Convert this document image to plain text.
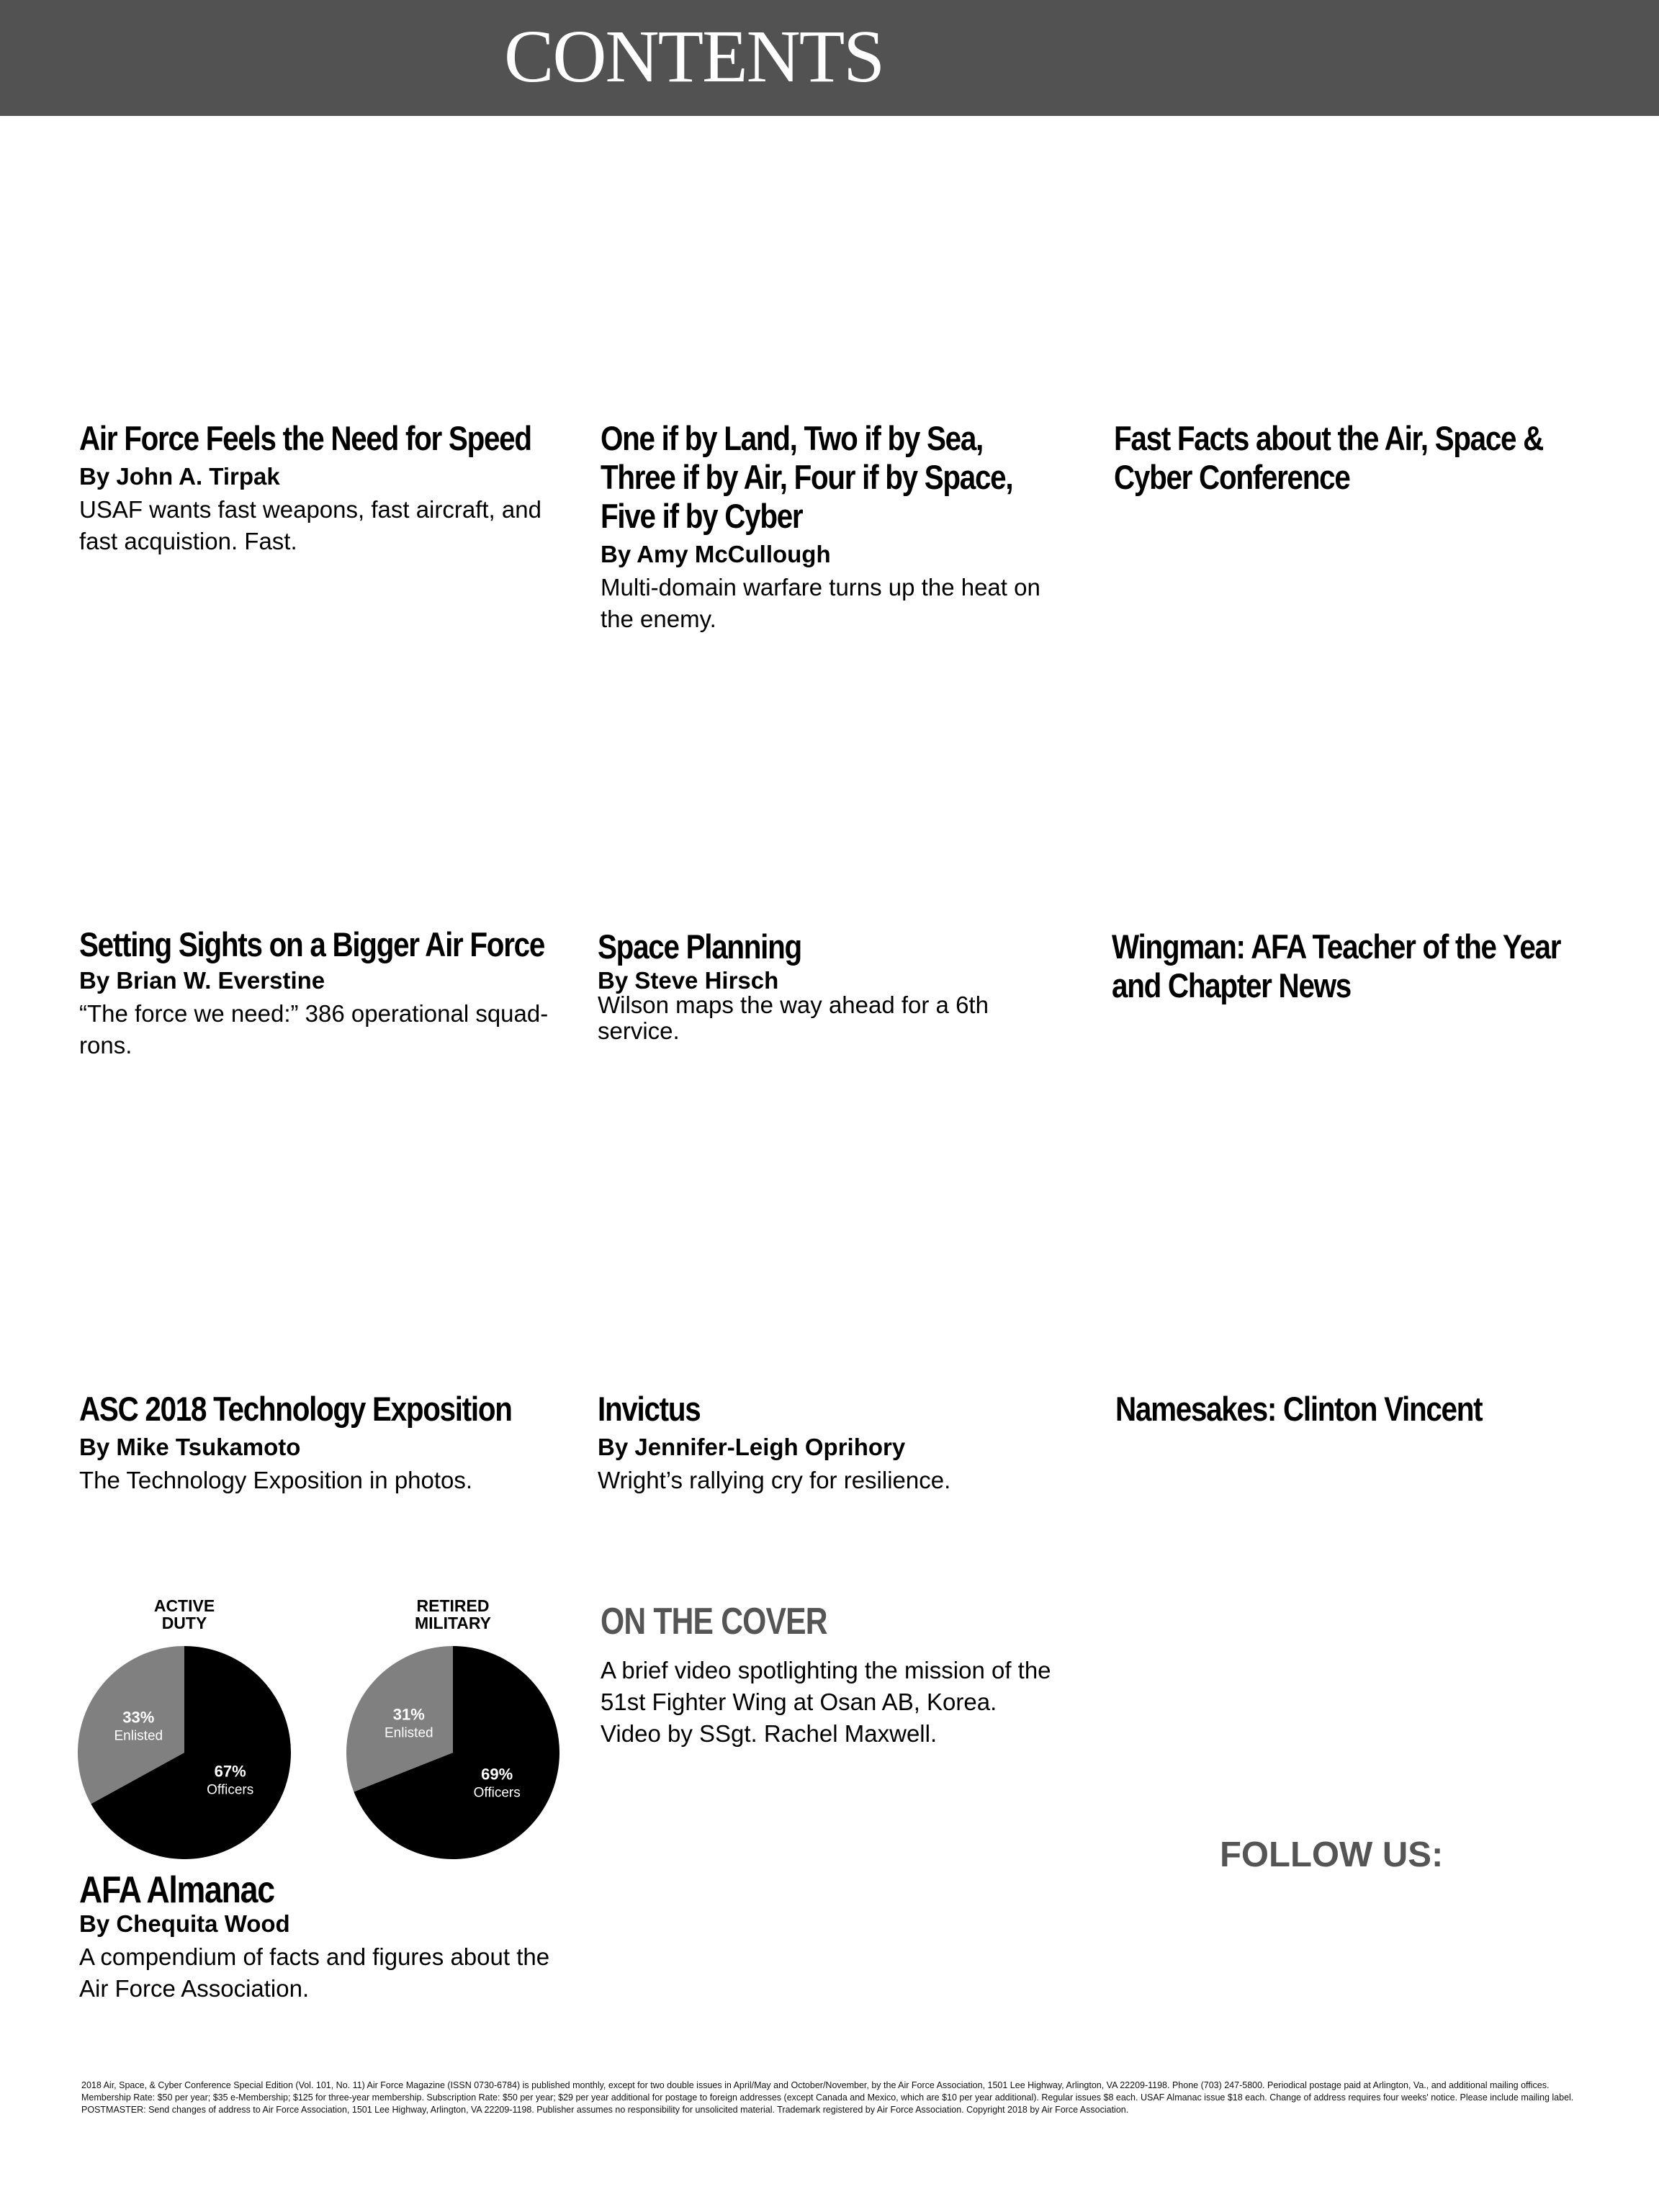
CONTENTS
Air Force Feels the Need for Speed

By John A. Tirpak

USAF wants fast weapons, fast aircraft, and fast acquistion. Fast.

One if by Land, Two if by Sea, Three if by Air, Four if by Space, Five if by Cyber

By Amy McCullough

Multi-domain warfare turns up the heat on the enemy.

Fast Facts about the Air, Space & Cyber Conference
Setting Sights on a Bigger Air Force

By Brian W. Everstine

“The force we need:” 386 operational squad-rons.

Space Planning

By Steve Hirsch

Wilson maps the way ahead for a 6th service.

Wingman: AFA Teacher of the Year and Chapter News
ASC 2018 Technology Exposition

By Mike Tsukamoto

The Technology Exposition in photos.

Invictus

By Jennifer-Leigh Oprihory

Wright’s rallying cry for resilience.

Namesakes: Clinton Vincent

ACTIVE
DUTY

67%
Officers
33%
Enlisted

RETIRED
MILITARY

69%
Officers
31%
Enlisted
AFA Almanac

By Chequita Wood

A compendium of facts and figures about the Air Force Association.

ON THE COVER

A brief video spotlighting the mission of the
51st Fighter Wing at Osan AB, Korea.
Video by SSgt. Rachel Maxwell.

FOLLOW US:

2018 Air, Space, & Cyber Conference Special Edition (Vol. 101, No. 11) Air Force Magazine (ISSN 0730-6784) is published monthly, except for two double issues in April/May and October/November, by the Air Force Association, 1501 Lee Highway, Arlington, VA 22209-1198. Phone (703) 247-5800. Periodical postage paid at Arlington, Va., and additional mailing offices. Membership Rate: $50 per year; $35 e-Membership; $125 for three-year membership. Subscription Rate: $50 per year; $29 per year additional for postage to foreign addresses (except Canada and Mexico, which are $10 per year additional). Regular issues $8 each. USAF Almanac issue $18 each. Change of address requires four weeks' notice. Please include mailing label. POSTMASTER: Send changes of address to Air Force Association, 1501 Lee Highway, Arlington, VA 22209-1198. Publisher assumes no responsibility for unsolicited material. Trademark registered by Air Force Association. Copyright 2018 by Air Force Association.
